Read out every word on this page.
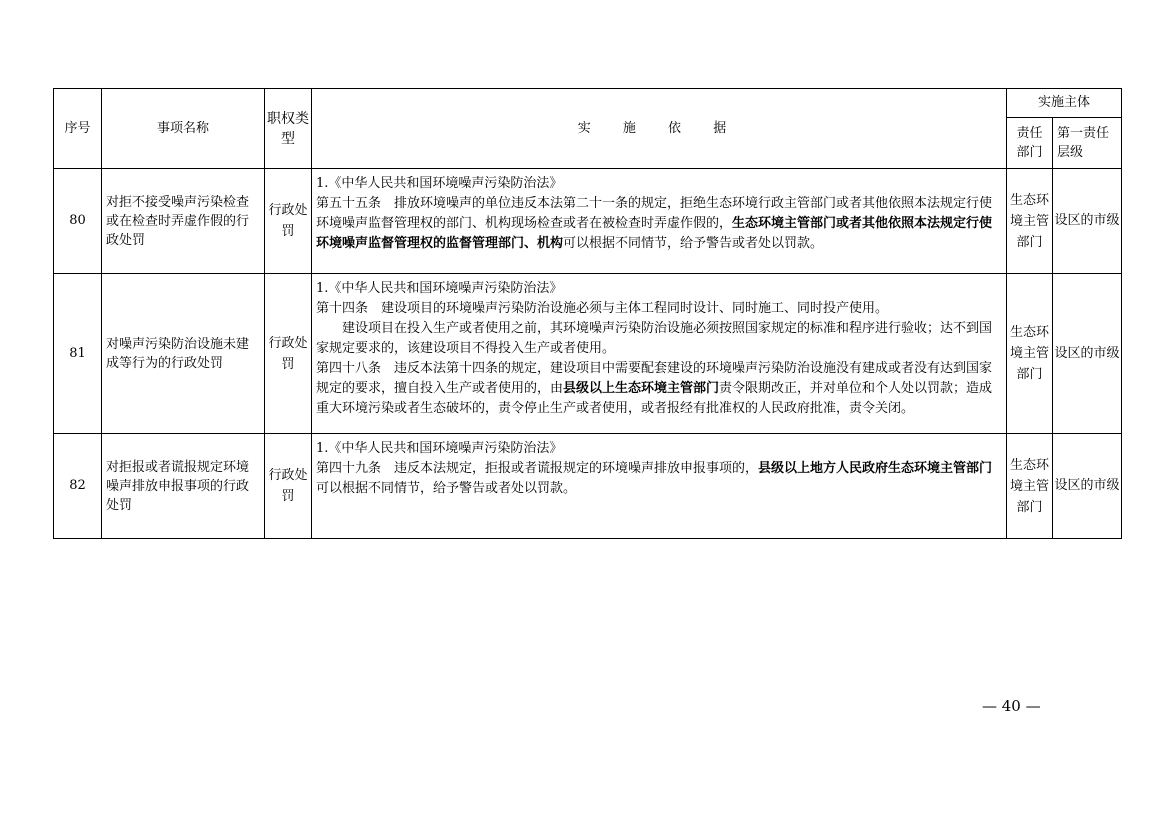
序号	事项名称	职权类型	实 施 依 据	实施主体	
				责任部门	第一责任层级
80	对拒不接受噪声污染检查或在检查时弄虚作假的行政处罚	行政处罚	1.《中华人民共和国环境噪声污染防治法》

第五十五条　排放环境噪声的单位违反本法第二十一条的规定，拒绝生态环境行政主管部门或者其他依照本法规定行使环境噪声监督管理权的部门、机构现场检查或者在被检查时弄虚作假的，生态环境主管部门或者其他依照本法规定行使环境噪声监督管理权的监督管理部门、机构可以根据不同情节，给予警告或者处以罚款。	生态环境主管部门	设区的市级
81	对噪声污染防治设施未建成等行为的行政处罚	行政处罚	1.《中华人民共和国环境噪声污染防治法》

第十四条　建设项目的环境噪声污染防治设施必须与主体工程同时设计、同时施工、同时投产使用。

建设项目在投入生产或者使用之前，其环境噪声污染防治设施必须按照国家规定的标准和程序进行验收；达不到国家规定要求的，该建设项目不得投入生产或者使用。

第四十八条　违反本法第十四条的规定，建设项目中需要配套建设的环境噪声污染防治设施没有建成或者没有达到国家规定的要求，擅自投入生产或者使用的，由县级以上生态环境主管部门责令限期改正，并对单位和个人处以罚款；造成重大环境污染或者生态破坏的，责令停止生产或者使用，或者报经有批准权的人民政府批准，责令关闭。	生态环境主管部门	设区的市级
82	对拒报或者谎报规定环境噪声排放申报事项的行政处罚	行政处罚	1.《中华人民共和国环境噪声污染防治法》

第四十九条　违反本法规定，拒报或者谎报规定的环境噪声排放申报事项的，县级以上地方人民政府生态环境主管部门可以根据不同情节，给予警告或者处以罚款。	生态环境主管部门	设区的市级
— 40 —
